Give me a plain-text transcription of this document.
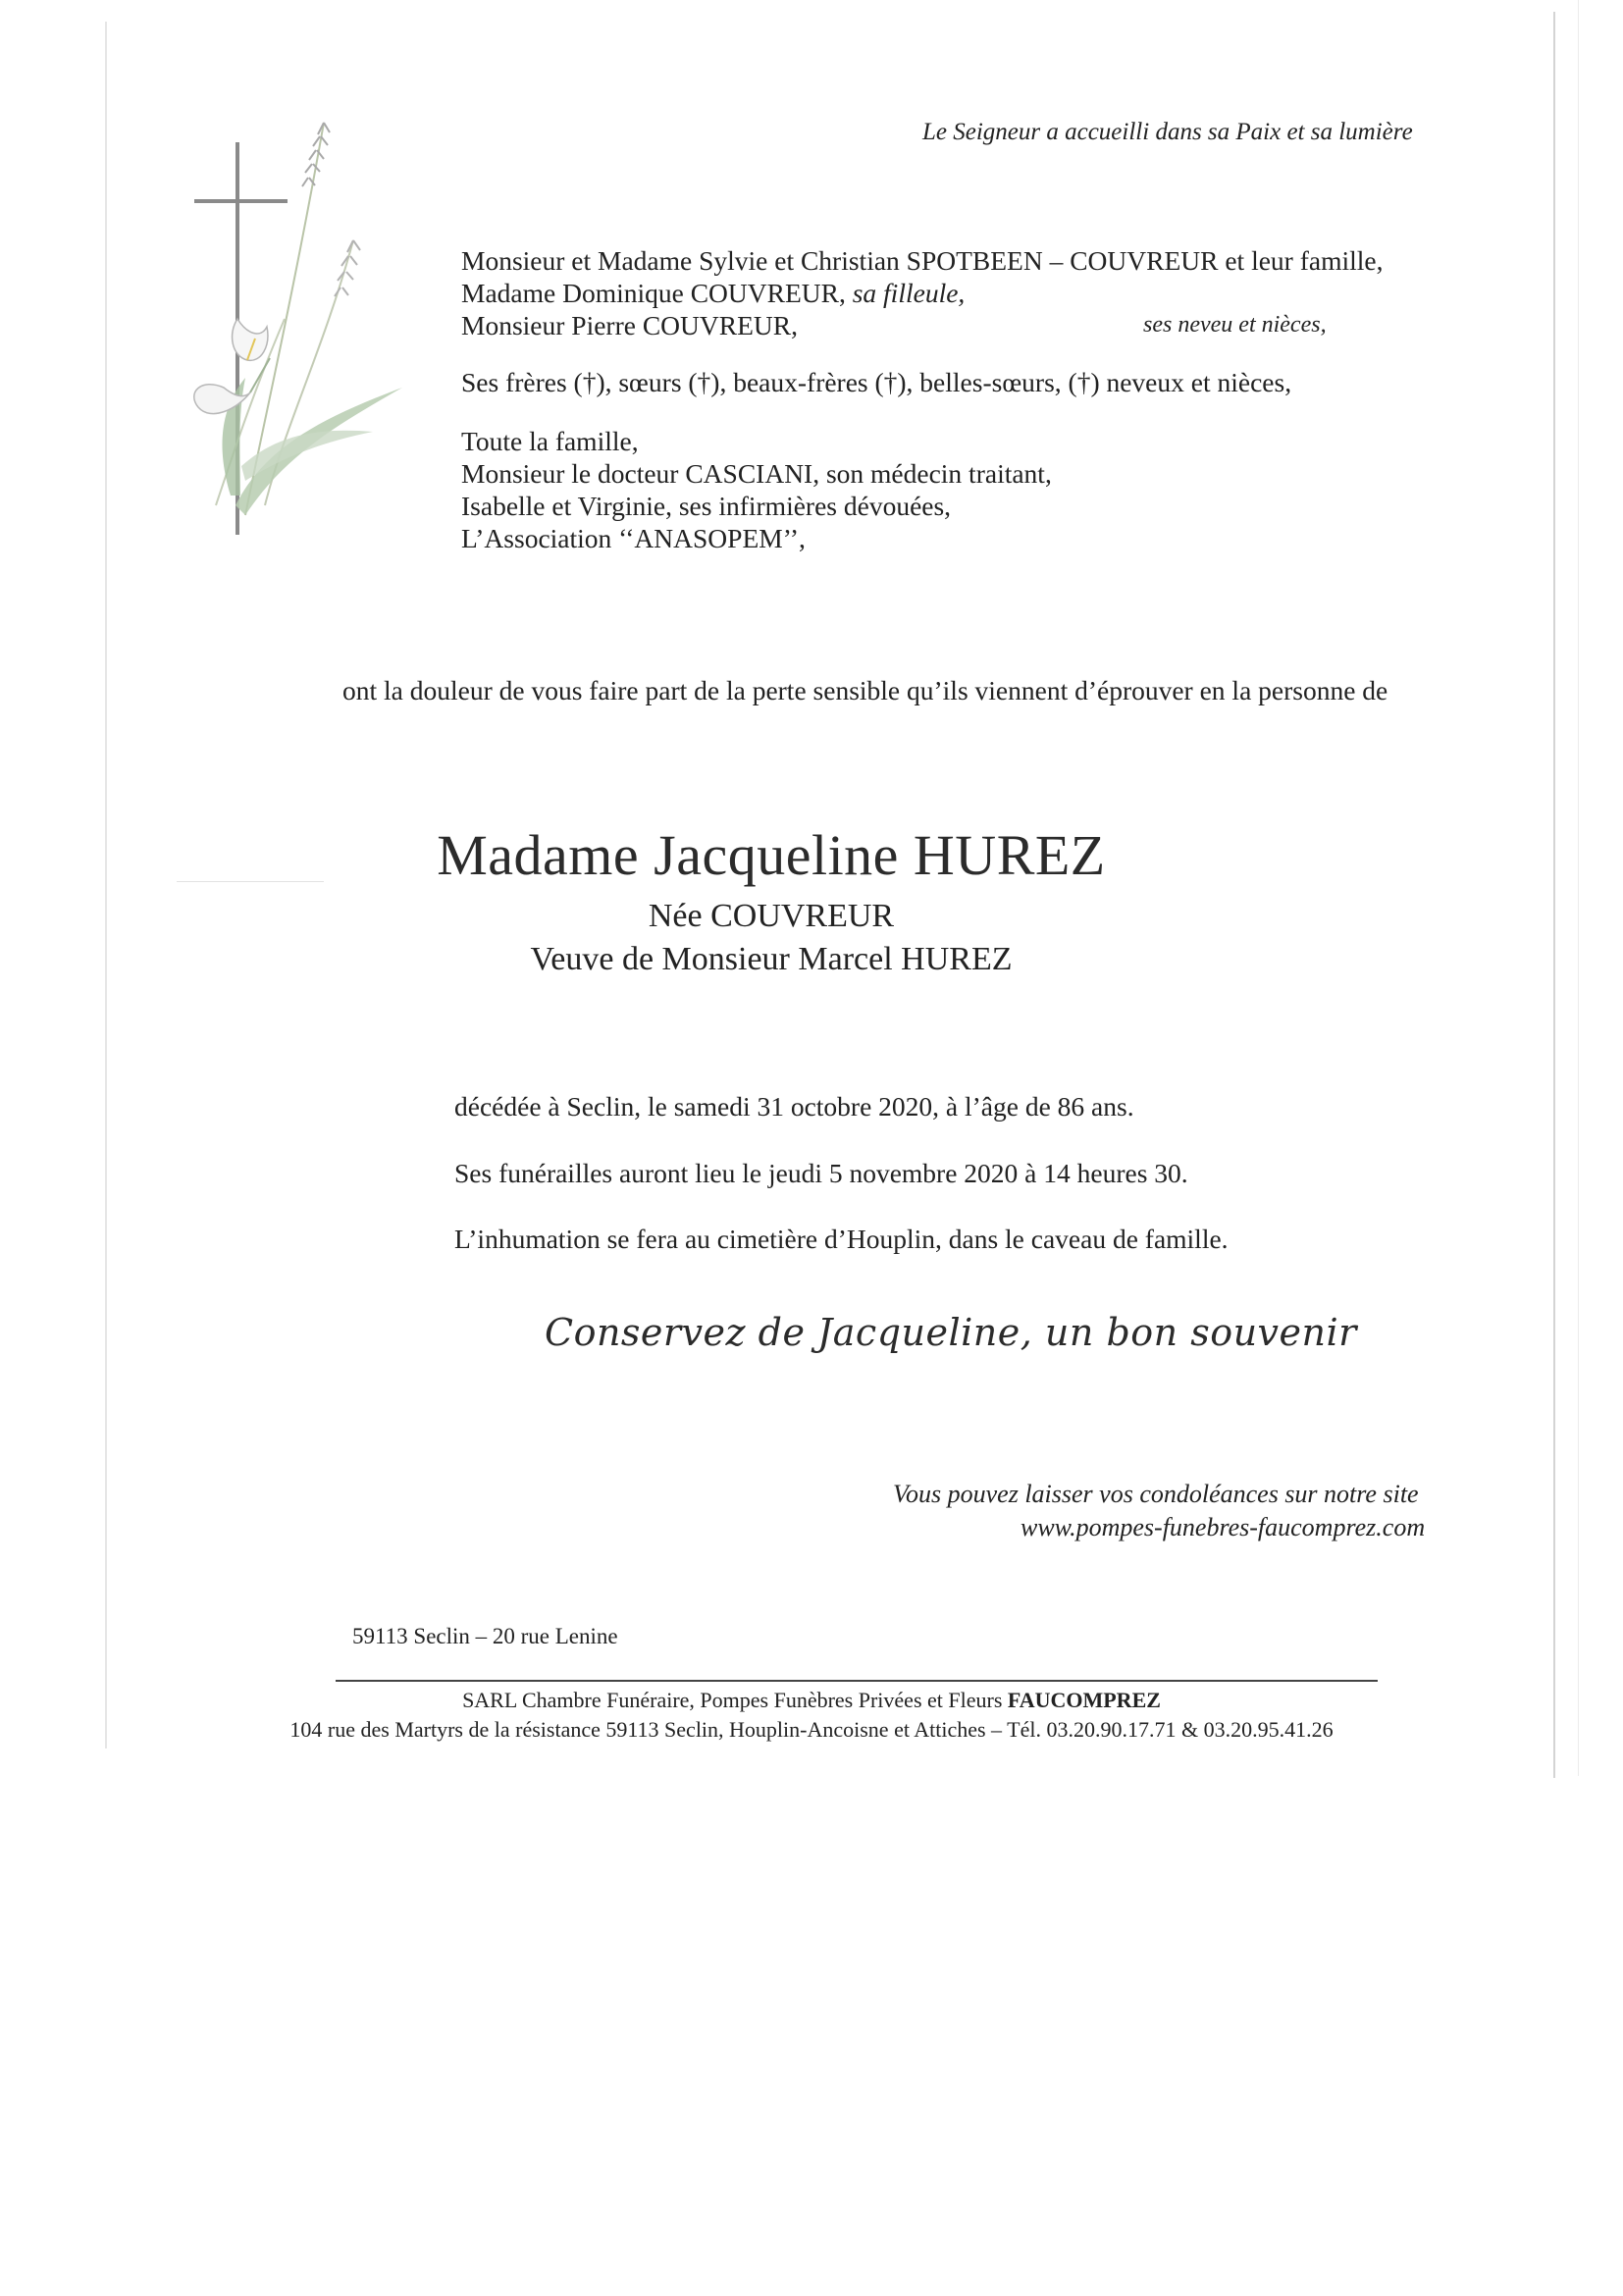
Le Seigneur a accueilli dans sa Paix et sa lumière
Monsieur et Madame Sylvie et Christian SPOTBEEN – COUVREUR et leur famille,
Madame Dominique COUVREUR, sa filleule,
Monsieur Pierre COUVREUR,	ses neveu et nièces,
Ses frères (†), sœurs (†), beaux-frères (†), belles-sœurs, (†) neveux et nièces,
Toute la famille,
Monsieur le docteur CASCIANI, son médecin traitant,
Isabelle et Virginie, ses infirmières dévouées,
L’Association ‘‘ANASOPEM’’,
ont la douleur de vous faire part de la perte sensible qu’ils viennent d’éprouver en la personne de
Madame Jacqueline HUREZ
Née COUVREUR
Veuve de Monsieur Marcel HUREZ
décédée à Seclin, le samedi 31 octobre 2020, à l’âge de 86 ans.
Ses funérailles auront lieu le jeudi 5 novembre 2020 à 14 heures 30.
L’inhumation se fera au cimetière d’Houplin, dans le caveau de famille.
Conservez de Jacqueline, un bon souvenir
Vous pouvez laisser vos condoléances sur notre site
www.pompes-funebres-faucomprez.com
59113 Seclin – 20 rue Lenine
SARL Chambre Funéraire, Pompes Funèbres Privées et Fleurs FAUCOMPREZ
104 rue des Martyrs de la résistance 59113 Seclin, Houplin-Ancoisne et Attiches – Tél. 03.20.90.17.71 & 03.20.95.41.26
